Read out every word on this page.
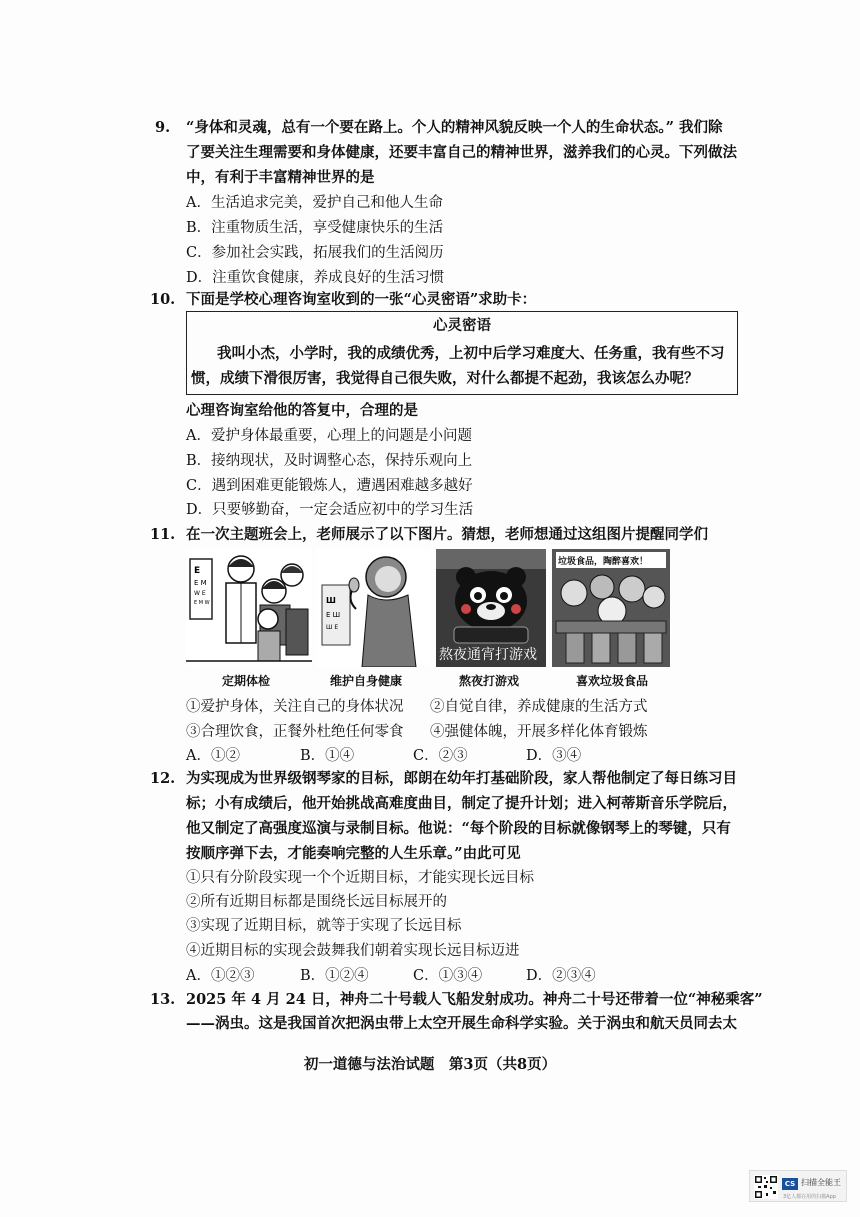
9. “身体和灵魂，总有一个要在路上。个人的精神风貌反映一个人的生命状态。” 我们除
了要关注生理需要和身体健康，还要丰富自己的精神世界，滋养我们的心灵。下列做法
中，有利于丰富精神世界的是
A．生活追求完美，爱护自己和他人生命
B．注重物质生活，享受健康快乐的生活
C．参加社会实践，拓展我们的生活阅历
D．注重饮食健康，养成良好的生活习惯
10. 下面是学校心理咨询室收到的一张“心灵密语”求助卡：
心灵密语
我叫小杰，小学时，我的成绩优秀，上初中后学习难度大、任务重，我有些不习
惯，成绩下滑很厉害，我觉得自己很失败，对什么都提不起劲，我该怎么办呢？
心理咨询室给他的答复中，合理的是
A．爱护身体最重要，心理上的问题是小问题
B．接纳现状，及时调整心态，保持乐观向上
C．遇到困难更能锻炼人，遭遇困难越多越好
D．只要够勤奋，一定会适应初中的学习生活
11. 在一次主题班会上，老师展示了以下图片。猜想，老师想通过这组图片提醒同学们
E
E M
W E
E M W	Ш
E Ш
Ш E
熬夜通宵打游戏
垃圾食品，陶醉喜欢！
定期体检	维护自身健康	熬夜打游戏	喜欢垃圾食品
①爱护身体，关注自己的身体状况 ②自觉自律，养成健康的生活方式
③合理饮食，正餐外杜绝任何零食 ④强健体魄，开展多样化体育锻炼
A．①②	B．①④	C．②③	D．③④
12. 为实现成为世界级钢琴家的目标，郎朗在幼年打基础阶段，家人帮他制定了每日练习目
标；小有成绩后，他开始挑战高难度曲目，制定了提升计划；进入柯蒂斯音乐学院后，
他又制定了高强度巡演与录制目标。他说：“每个阶段的目标就像钢琴上的琴键，只有
按顺序弹下去，才能奏响完整的人生乐章。”由此可见
①只有分阶段实现一个个近期目标，才能实现长远目标
②所有近期目标都是围绕长远目标展开的
③实现了近期目标，就等于实现了长远目标
④近期目标的实现会鼓舞我们朝着实现长远目标迈进
A．①②③	B．①②④	C．①③④	D．②③④
13. 2025 年 4 月 24 日，神舟二十号载人飞船发射成功。神舟二十号还带着一位“神秘乘客”
——涡虫。这是我国首次把涡虫带上太空开展生命科学实验。关于涡虫和航天员同去太
初一道德与法治试题　第3页（共8页）
CS 扫描全能王
3亿人都在用的扫描App
